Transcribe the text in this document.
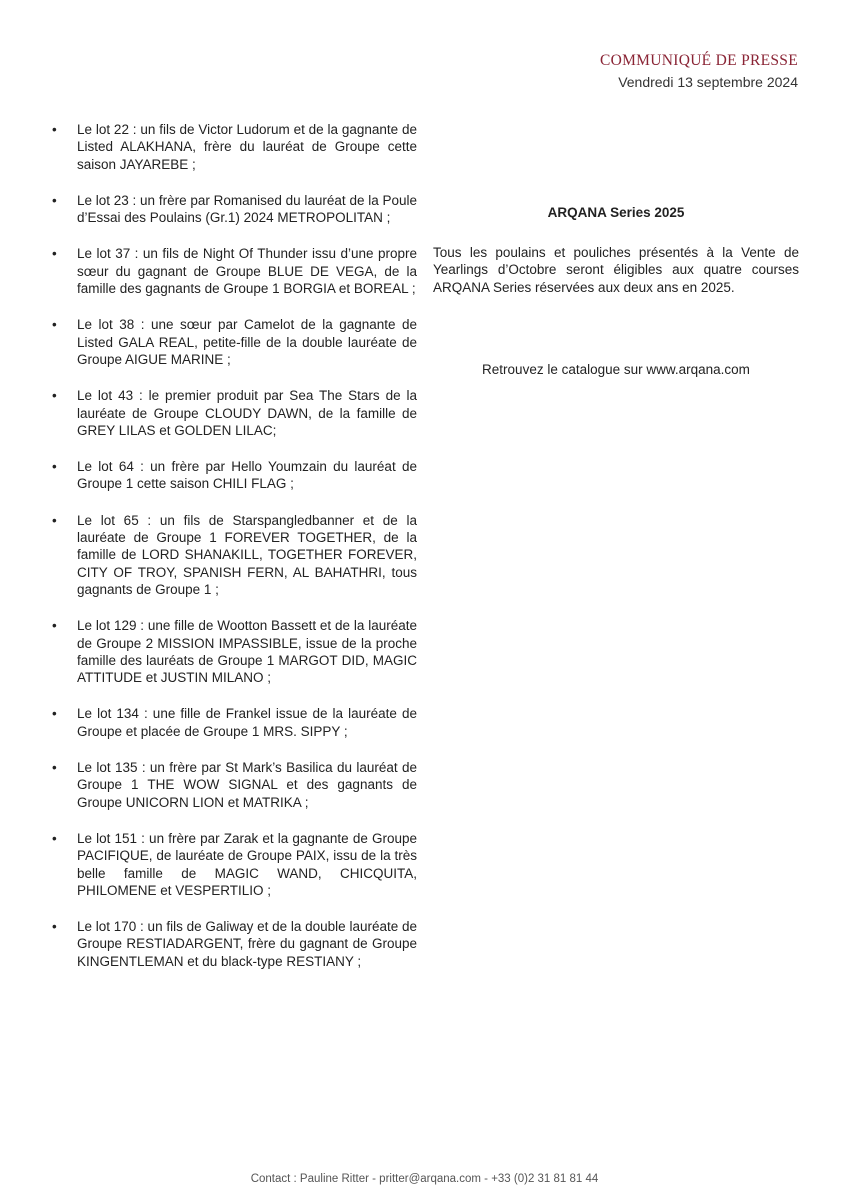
COMMUNIQUÉ DE PRESSE
Vendredi 13 septembre 2024
•	Le lot 22 : un fils de Victor Ludorum et de la gagnante de Listed ALAKHANA, frère du lauréat de Groupe cette saison JAYAREBE ;
•	Le lot 23 : un frère par Romanised du lauréat de la Poule d’Essai des Poulains (Gr.1) 2024 METROPOLITAN ;
•	Le lot 37 : un fils de Night Of Thunder issu d’une propre sœur du gagnant de Groupe BLUE DE VEGA, de la famille des gagnants de Groupe 1 BORGIA et BOREAL ;
•	Le lot 38 : une sœur par Camelot de la gagnante de Listed GALA REAL, petite-fille de la double lauréate de Groupe AIGUE MARINE ;
•	Le lot 43 : le premier produit par Sea The Stars de la lauréate de Groupe CLOUDY DAWN, de la famille de GREY LILAS et GOLDEN LILAC;
•	Le lot 64 : un frère par Hello Youmzain du lauréat de Groupe 1 cette saison CHILI FLAG ;
•	Le lot 65 : un fils de Starspangledbanner et de la lauréate de Groupe 1 FOREVER TOGETHER, de la famille de LORD SHANAKILL, TOGETHER FOREVER, CITY OF TROY, SPANISH FERN, AL BAHATHRI, tous gagnants de Groupe 1 ;
•	Le lot 129 : une fille de Wootton Bassett et de la lauréate de Groupe 2 MISSION IMPASSIBLE, issue de la proche famille des lauréats de Groupe 1 MARGOT DID, MAGIC ATTITUDE et JUSTIN MILANO ;
•	Le lot 134 : une fille de Frankel issue de la lauréate de Groupe et placée de Groupe 1 MRS. SIPPY ;
•	Le lot 135 : un frère par St Mark’s Basilica du lauréat de Groupe 1 THE WOW SIGNAL et des gagnants de Groupe UNICORN LION et MATRIKA ;
•	Le lot 151 : un frère par Zarak et la gagnante de Groupe PACIFIQUE, de lauréate de Groupe PAIX, issu de la très belle famille de MAGIC WAND, CHICQUITA, PHILOMENE et VESPERTILIO ;
•	Le lot 170 : un fils de Galiway et de la double lauréate de Groupe RESTIADARGENT, frère du gagnant de Groupe KINGENTLEMAN et du black-type RESTIANY ;
ARQANA Series 2025
Tous les poulains et pouliches présentés à la Vente de Yearlings d’Octobre seront éligibles aux quatre courses ARQANA Series réservées aux deux ans en 2025.
Retrouvez le catalogue sur www.arqana.com
Contact : Pauline Ritter - pritter@arqana.com - +33 (0)2 31 81 81 44
